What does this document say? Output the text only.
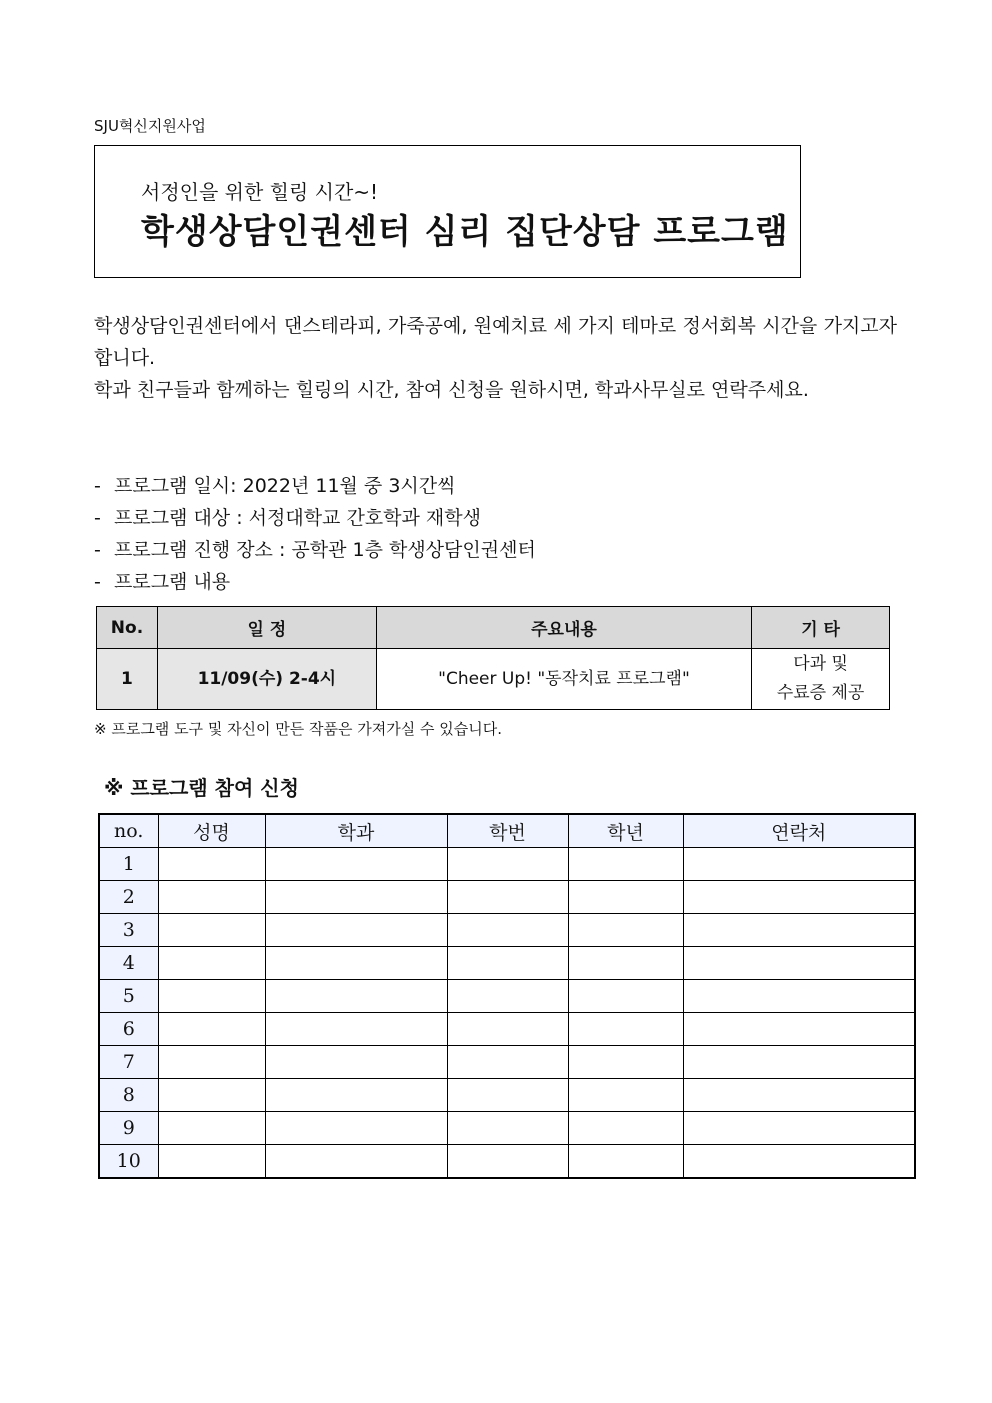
SJU혁신지원사업
서정인을 위한 힐링 시간~!
학생상담인권센터 심리 집단상담 프로그램

학생상담인권센터에서 댄스테라피, 가죽공예, 원예치료 세 가지 테마로 정서회복 시간을 가지고자 합니다.

학과 친구들과 함께하는 힐링의 시간, 참여 신청을 원하시면, 학과사무실로 연락주세요.

- 프로그램 일시: 2022년 11월 중 3시간씩
- 프로그램 대상 : 서정대학교 간호학과 재학생
- 프로그램 진행 장소 : 공학관 1층 학생상담인권센터
- 프로그램 내용
No.	일 정	주요내용	기 타
1	11/09(수) 2-4시	"Cheer Up! "동작치료 프로그램"	다과 및
수료증 제공
※ 프로그램 도구 및 자신이 만든 작품은 가져가실 수 있습니다.
※ 프로그램 참여 신청
no.	성명	학과	학번	학년	연락처
1					
2					
3					
4					
5					
6					
7					
8					
9					
10					
